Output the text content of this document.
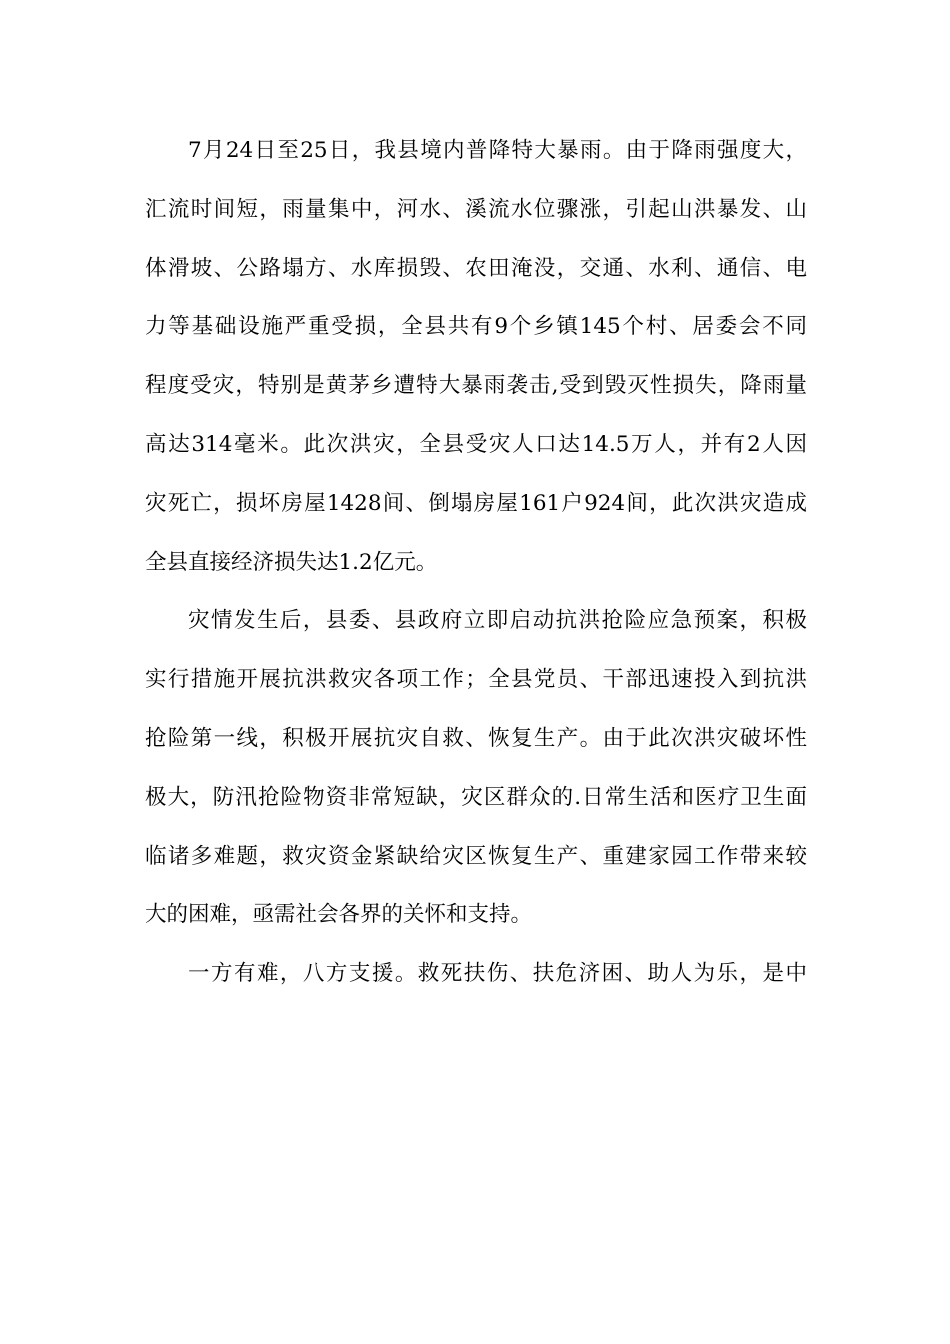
7月24日至25日，我县境内普降特大暴雨。由于降雨强度大，
汇流时间短，雨量集中，河水、溪流水位骤涨，引起山洪暴发、山
体滑坡、公路塌方、水库损毁、农田淹没，交通、水利、通信、电
力等基础设施严重受损，全县共有9个乡镇145个村、居委会不同
程度受灾，特别是黄茅乡遭特大暴雨袭击,受到毁灭性损失，降雨量
高达314毫米。此次洪灾，全县受灾人口达14.5万人，并有2人因
灾死亡，损坏房屋1428间、倒塌房屋161户924间，此次洪灾造成
全县直接经济损失达1.2亿元。
灾情发生后，县委、县政府立即启动抗洪抢险应急预案，积极
实行措施开展抗洪救灾各项工作；全县党员、干部迅速投入到抗洪
抢险第一线，积极开展抗灾自救、恢复生产。由于此次洪灾破坏性
极大，防汛抢险物资非常短缺，灾区群众的.日常生活和医疗卫生面
临诸多难题，救灾资金紧缺给灾区恢复生产、重建家园工作带来较
大的困难，亟需社会各界的关怀和支持。
一方有难，八方支援。救死扶伤、扶危济困、助人为乐，是中
